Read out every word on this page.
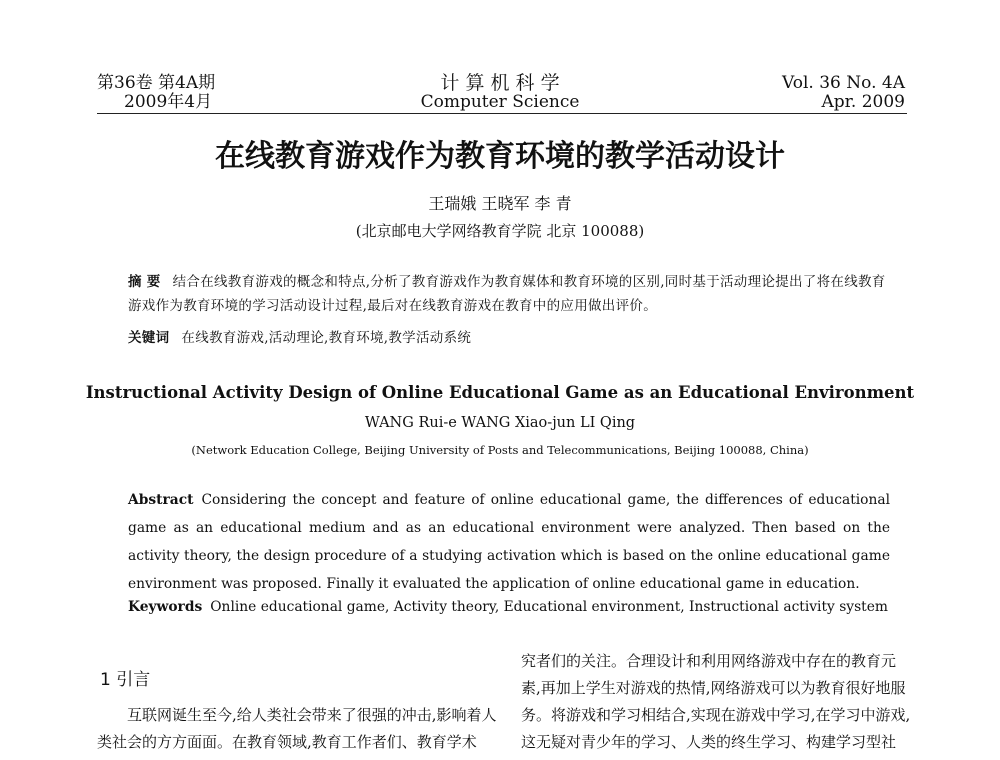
第36卷 第4A期
2009年4月
计 算 机 科 学
Computer Science
Vol. 36 No. 4A
Apr. 2009
在线教育游戏作为教育环境的教学活动设计
王瑞娥 王晓军 李 青
(北京邮电大学网络教育学院 北京 100088)
摘 要 结合在线教育游戏的概念和特点,分析了教育游戏作为教育媒体和教育环境的区别,同时基于活动理论提出了将在线教育游戏作为教育环境的学习活动设计过程,最后对在线教育游戏在教育中的应用做出评价。
关键词 在线教育游戏,活动理论,教育环境,教学活动系统
Instructional Activity Design of Online Educational Game as an Educational Environment
WANG Rui-e WANG Xiao-jun LI Qing
(Network Education College, Beijing University of Posts and Telecommunications, Beijing 100088, China)
Abstract Considering the concept and feature of online educational game, the differences of educational game as an educational medium and as an educational environment were analyzed. Then based on the activity theory, the design procedure of a studying activation which is based on the online educational game environment was proposed. Finally it evaluated the application of online educational game in education.
Keywords Online educational game, Activity theory, Educational environment, Instructional activity system
1 引言
互联网诞生至今,给人类社会带来了很强的冲击,影响着人类社会的方方面面。在教育领域,教育工作者们、教育学术
究者们的关注。合理设计和利用网络游戏中存在的教育元素,再加上学生对游戏的热情,网络游戏可以为教育很好地服务。将游戏和学习相结合,实现在游戏中学习,在学习中游戏,这无疑对青少年的学习、人类的终生学习、构建学习型社
